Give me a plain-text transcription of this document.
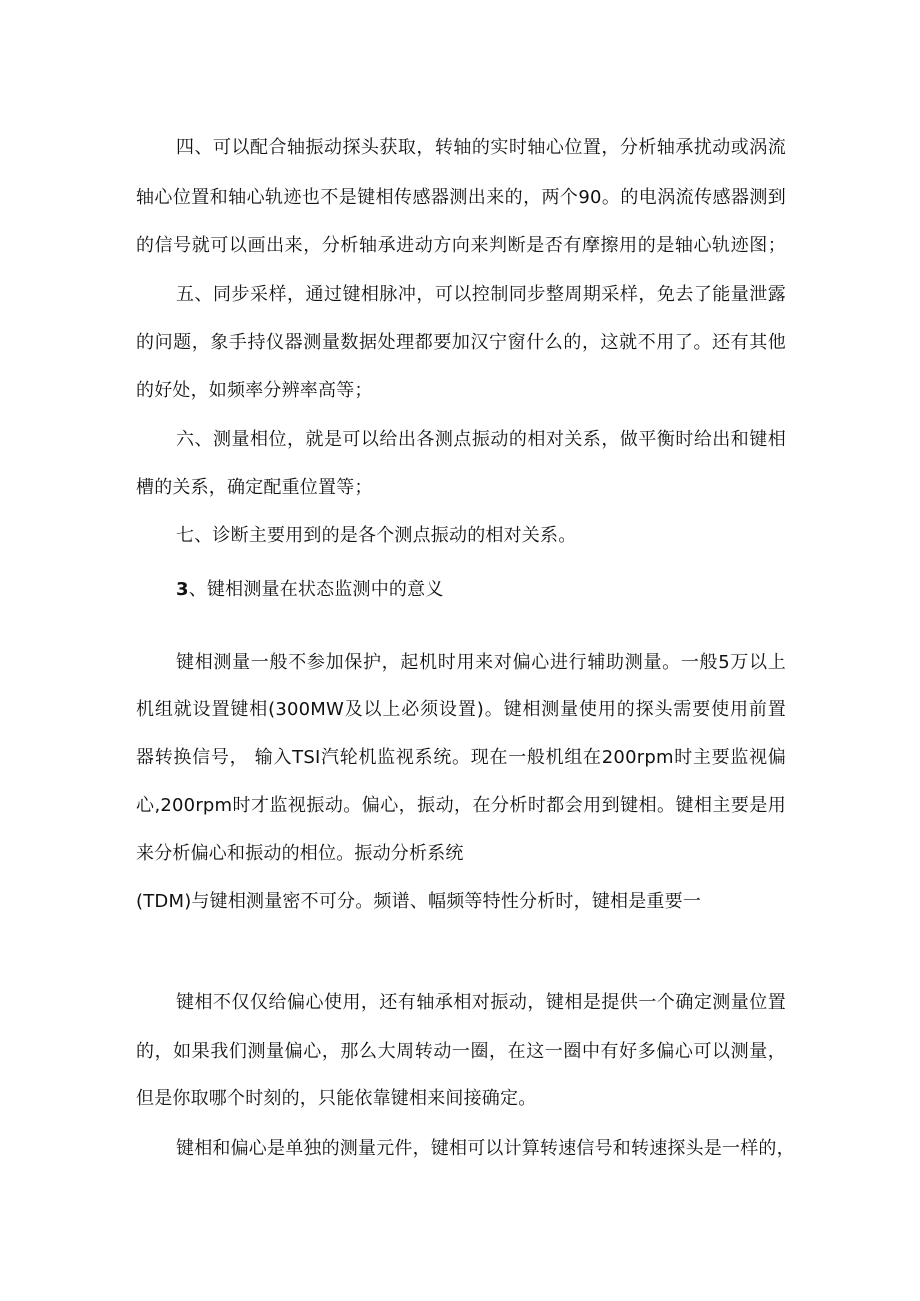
四、可以配合轴振动探头获取，转轴的实时轴心位置，分析轴承扰动或涡流
轴心位置和轴心轨迹也不是键相传感器测出来的，两个90。的电涡流传感器测到
的信号就可以画出来，分析轴承进动方向来判断是否有摩擦用的是轴心轨迹图；
五、同步采样，通过键相脉冲，可以控制同步整周期采样，免去了能量泄露
的问题，象手持仪器测量数据处理都要加汉宁窗什么的，这就不用了。还有其他
的好处，如频率分辨率高等；
六、测量相位，就是可以给出各测点振动的相对关系，做平衡时给出和键相
槽的关系，确定配重位置等；
七、诊断主要用到的是各个测点振动的相对关系。
3、键相测量在状态监测中的意义
键相测量一般不参加保护，起机时用来对偏心进行辅助测量。一般5万以上
机组就设置键相(300MW及以上必须设置)。键相测量使用的探头需要使用前置
器转换信号， 输入TSI汽轮机监视系统。现在一般机组在200rpm时主要监视偏
心,200rpm时才监视振动。偏心，振动，在分析时都会用到键相。键相主要是用
来分析偏心和振动的相位。振动分析系统
(TDM)与键相测量密不可分。频谱、幅频等特性分析时，键相是重要一
键相不仅仅给偏心使用，还有轴承相对振动，键相是提供一个确定测量位置
的，如果我们测量偏心，那么大周转动一圈，在这一圈中有好多偏心可以测量，
但是你取哪个时刻的，只能依靠键相来间接确定。
键相和偏心是单独的测量元件，键相可以计算转速信号和转速探头是一样的，
